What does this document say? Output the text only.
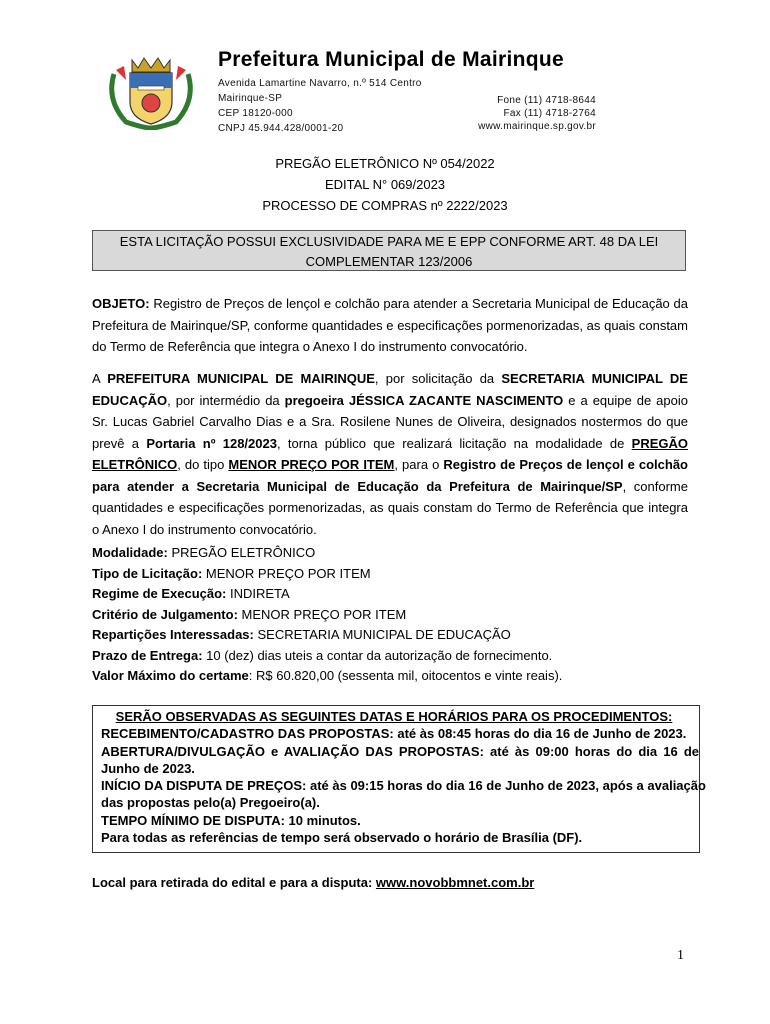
Prefeitura Municipal de Mairinque
Avenida Lamartine Navarro, n.º 514 Centro
Mairinque-SP
CEP 18120-000
CNPJ 45.944.428/0001-20
Fone (11) 4718-8644
Fax (11) 4718-2764
www.mairinque.sp.gov.br
PREGÃO ELETRÔNICO Nº 054/2022
EDITAL N° 069/2023
PROCESSO DE COMPRAS nº 2222/2023
ESTA LICITAÇÃO POSSUI EXCLUSIVIDADE PARA ME E EPP CONFORME ART. 48 DA LEI
COMPLEMENTAR 123/2006
OBJETO: Registro de Preços de lençol e colchão para atender a Secretaria Municipal de Educação da Prefeitura de Mairinque/SP, conforme quantidades e especificações pormenorizadas, as quais constam do Termo de Referência que integra o Anexo I do instrumento convocatório.
A PREFEITURA MUNICIPAL DE MAIRINQUE, por solicitação da SECRETARIA MUNICIPAL DE EDUCAÇÃO, por intermédio da pregoeira JÉSSICA ZACANTE NASCIMENTO e a equipe de apoio Sr. Lucas Gabriel Carvalho Dias e a Sra. Rosilene Nunes de Oliveira, designados nostermos do que prevê a Portaria nº 128/2023, torna público que realizará licitação na modalidade de PREGÃO ELETRÔNICO, do tipo MENOR PREÇO POR ITEM, para o Registro de Preços de lençol e colchão para atender a Secretaria Municipal de Educação da Prefeitura de Mairinque/SP, conforme quantidades e especificações pormenorizadas, as quais constam do Termo de Referência que integra o Anexo I do instrumento convocatório.
Modalidade: PREGÃO ELETRÔNICO
Tipo de Licitação: MENOR PREÇO POR ITEM
Regime de Execução: INDIRETA
Critério de Julgamento: MENOR PREÇO POR ITEM
Repartições Interessadas: SECRETARIA MUNICIPAL DE EDUCAÇÃO
Prazo de Entrega: 10 (dez) dias uteis a contar da autorização de fornecimento.
Valor Máximo do certame: R$ 60.820,00 (sessenta mil, oitocentos e vinte reais).
SERÃO OBSERVADAS AS SEGUINTES DATAS E HORÁRIOS PARA OS PROCEDIMENTOS:
RECEBIMENTO/CADASTRO DAS PROPOSTAS: até às 08:45 horas do dia 16 de Junho de 2023.
ABERTURA/DIVULGAÇÃO e AVALIAÇÃO DAS PROPOSTAS: até às 09:00 horas do dia 16 de
Junho de 2023.
INÍCIO DA DISPUTA DE PREÇOS: até às 09:15 horas do dia 16 de Junho de 2023, após a avaliação
das propostas pelo(a) Pregoeiro(a).
TEMPO MÍNIMO DE DISPUTA: 10 minutos.
Para todas as referências de tempo será observado o horário de Brasília (DF).
Local para retirada do edital e para a disputa: www.novobbmnet.com.br
1
